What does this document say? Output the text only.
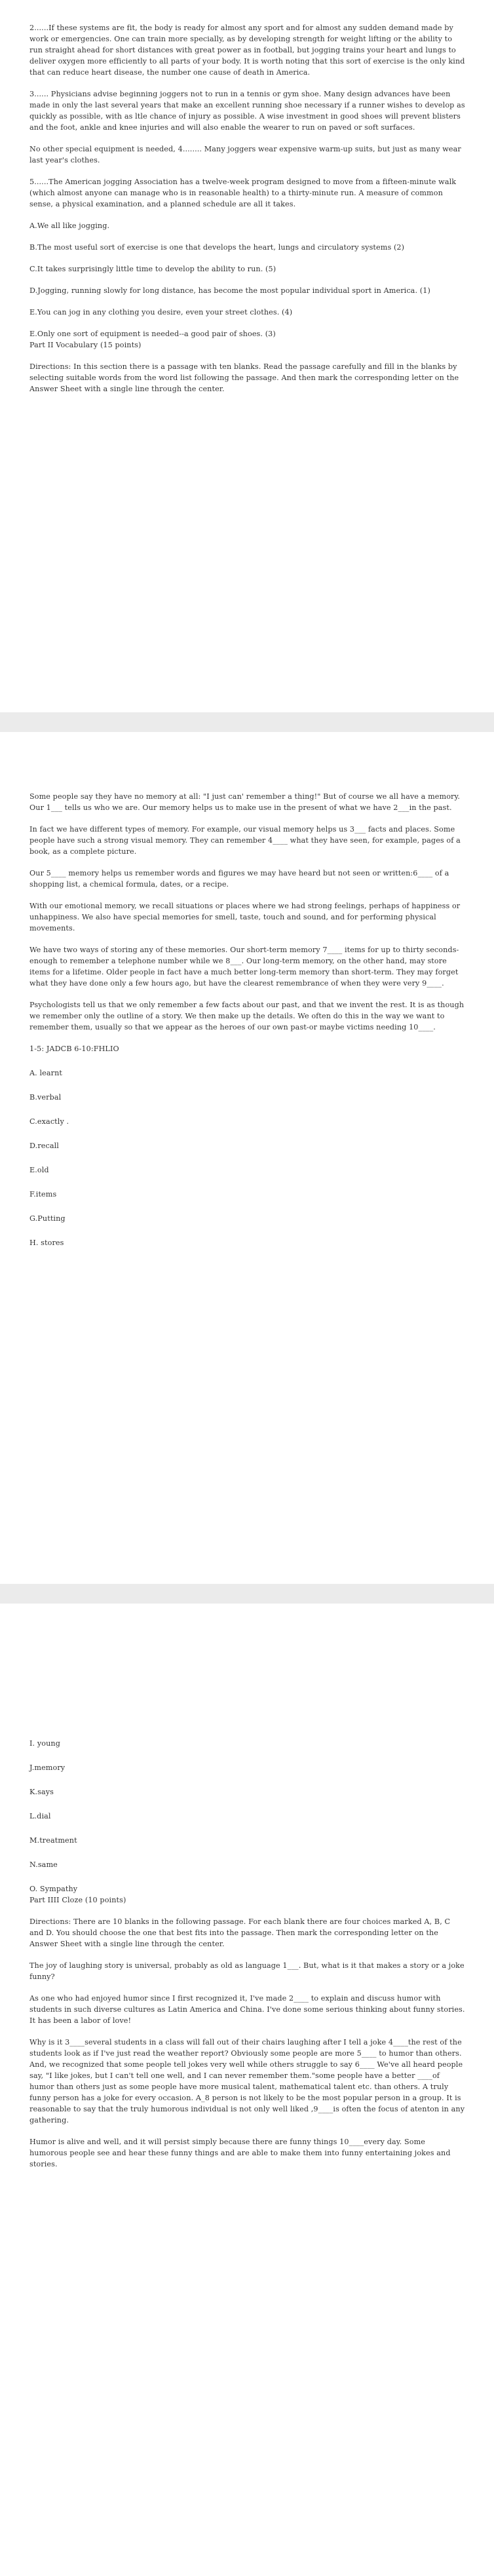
2......If these systems are fit, the body is ready for almost any sport and for almost any sudden demand made by work or emergencies. One can train more specially, as by developing strength for weight lifting or the ability to run straight ahead for short distances with great power as in football, but jogging trains your heart and lungs to deliver oxygen more efficiently to all parts of your body. It is worth noting that this sort of exercise is the only kind that can reduce heart disease, the number one cause of death in America.

3...... Physicians advise beginning joggers not to run in a tennis or gym shoe. Many design advances have been made in only the last several years that make an excellent running shoe necessary if a runner wishes to develop as quickly as possible, with as ltle chance of injury as possible. A wise investment in good shoes will prevent blisters and the foot, ankle and knee injuries and will also enable the wearer to run on paved or soft surfaces.

No other special equipment is needed, 4........ Many joggers wear expensive warm-up suits, but just as many wear last year's clothes.

5......The American jogging Association has a twelve-week program designed to move from a fifteen-minute walk (which almost anyone can manage who is in reasonable health) to a thirty-minute run. A measure of common sense, a physical examination, and a planned schedule are all it takes.

A.We all like jogging.

B.The most useful sort of exercise is one that develops the heart, lungs and circulatory systems (2)

C.It takes surprisingly little time to develop the ability to run. (5)

D.Jogging, running slowly for long distance, has become the most popular individual sport in America. (1)

E.You can jog in any clothing you desire, even your street clothes. (4)

E.Only one sort of equipment is needed--a good pair of shoes. (3)

Part II Vocabulary (15 points)

Directions: In this section there is a passage with ten blanks. Read the passage carefully and fill in the blanks by selecting suitable words from the word list following the passage. And then mark the corresponding letter on the Answer Sheet with a single line through the center.

Some people say they have no memory at all: "I just can' remember a thing!" But of course we all have a memory. Our 1___ tells us who we are. Our memory helps us to make use in the present of what we have 2___in the past.

In fact we have different types of memory. For example, our visual memory helps us 3___ facts and places. Some people have such a strong visual memory. They can remember 4____ what they have seen, for example, pages of a book, as a complete picture.

Our 5____ memory helps us remember words and figures we may have heard but not seen or written:6____ of a shopping list, a chemical formula, dates, or a recipe.

With our emotional memory, we recall situations or places where we had strong feelings, perhaps of happiness or unhappiness. We also have special memories for smell, taste, touch and sound, and for performing physical movements.

We have two ways of storing any of these memories. Our short-term memory 7____ items for up to thirty seconds-enough to remember a telephone number while we 8___. Our long-term memory, on the other hand, may store items for a lifetime. Older people in fact have a much better long-term memory than short-term. They may forget what they have done only a few hours ago, but have the clearest remembrance of when they were very 9____.

Psychologists tell us that we only remember a few facts about our past, and that we invent the rest. It is as though we remember only the outline of a story. We then make up the details. We often do this in the way we want to remember them, usually so that we appear as the heroes of our own past-or maybe victims needing 10____.

1-5: JADCB 6-10:FHLIO

A. learnt

B.verbal

C.exactly .

D.recall

E.old

F.items

G.Putting

H. stores

I. young

J.memory

K.says

L.dial

M.treatment

N.same

O. Sympathy

Part IIII Cloze (10 points)

Directions: There are 10 blanks in the following passage. For each blank there are four choices marked A, B, C and D. You should choose the one that best fits into the passage. Then mark the corresponding letter on the Answer Sheet with a single line through the center.

The joy of laughing story is universal, probably as old as language 1___. But, what is it that makes a story or a joke funny?

As one who had enjoyed humor since I first recognized it, I've made 2____ to explain and discuss humor with students in such diverse cultures as Latin America and China. I've done some serious thinking about funny stories. It has been a labor of love!

Why is it 3____several students in a class will fall out of their chairs laughing after I tell a joke 4____the rest of the students look as if I've just read the weather report? Obviously some people are more 5____ to humor than others. And, we recognized that some people tell jokes very well while others struggle to say 6____ We've all heard people say, "I like jokes, but I can't tell one well, and I can never remember them."some people have a better ____of humor than others just as some people have more musical talent, mathematical talent etc. than others. A truly funny person has a joke for every occasion. A_8 person is not likely to be the most popular person in a group. It is reasonable to say that the truly humorous individual is not only well liked ,9____is often the focus of atenton in any gathering.

Humor is alive and well, and it will persist simply because there are funny things 10____every day. Some humorous people see and hear these funny things and are able to make them into funny entertaining jokes and stories.
